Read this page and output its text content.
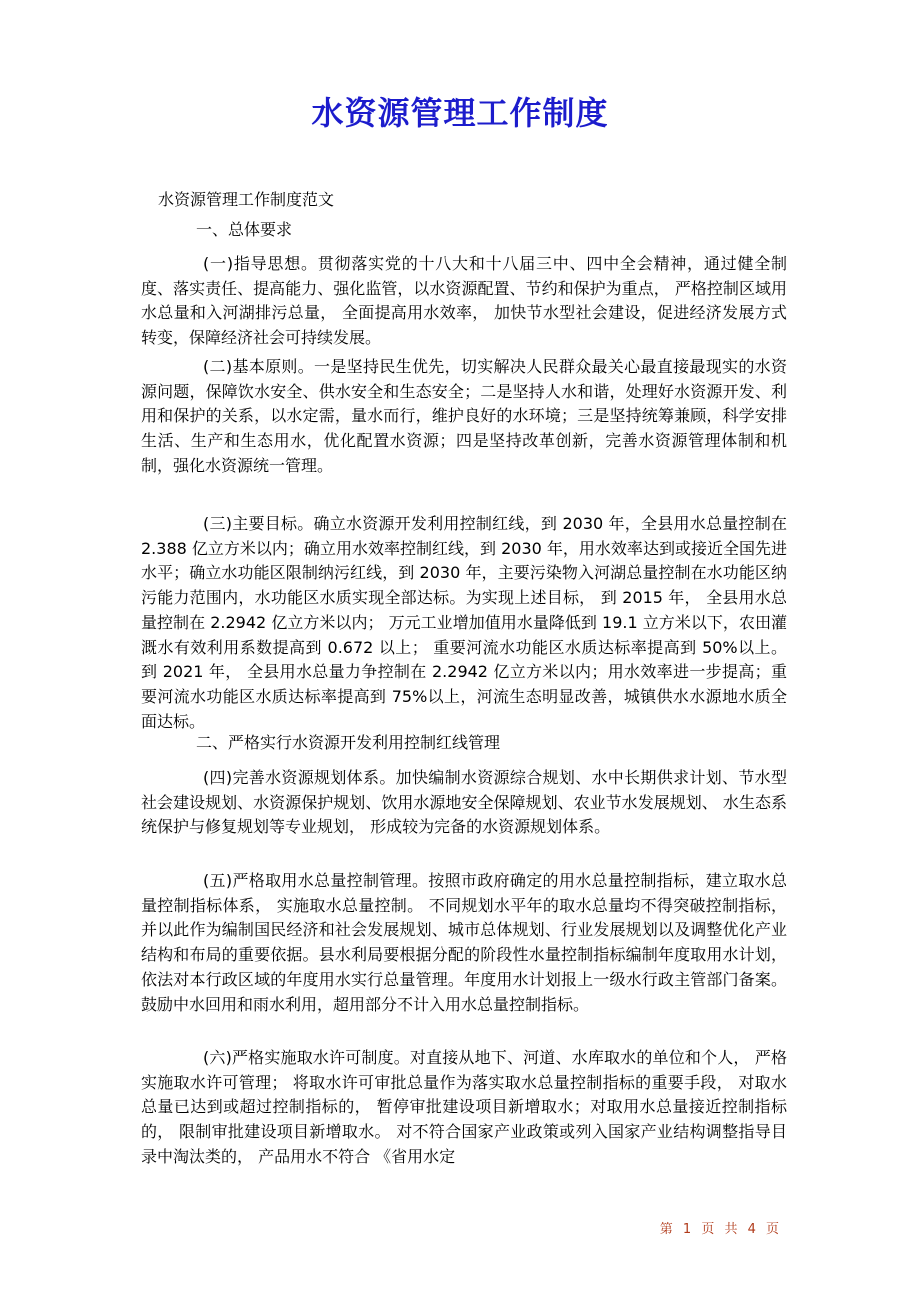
水资源管理工作制度
水资源管理工作制度范文
一、总体要求

(一)指导思想。贯彻落实党的十八大和十八届三中、四中全会精神，通过健全制度、落实责任、提高能力、强化监管，以水资源配置、节约和保护为重点， 严格控制区域用水总量和入河湖排污总量， 全面提高用水效率， 加快节水型社会建设，促进经济发展方式转变，保障经济社会可持续发展。

(二)基本原则。一是坚持民生优先，切实解决人民群众最关心最直接最现实的水资源问题，保障饮水安全、供水安全和生态安全；二是坚持人水和谐，处理好水资源开发、利用和保护的关系，以水定需，量水而行，维护良好的水环境；三是坚持统筹兼顾，科学安排生活、生产和生态用水，优化配置水资源；四是坚持改革创新，完善水资源管理体制和机制，强化水资源统一管理。

(三)主要目标。确立水资源开发利用控制红线，到 2030 年，全县用水总量控制在 2.388 亿立方米以内；确立用水效率控制红线，到 2030 年，用水效率达到或接近全国先进水平；确立水功能区限制纳污红线，到 2030 年，主要污染物入河湖总量控制在水功能区纳污能力范围内，水功能区水质实现全部达标。为实现上述目标， 到 2015 年， 全县用水总量控制在 2.2942 亿立方米以内； 万元工业增加值用水量降低到 19.1 立方米以下，农田灌溉水有效利用系数提高到 0.672 以上； 重要河流水功能区水质达标率提高到 50%以上。 到 2021 年， 全县用水总量力争控制在 2.2942 亿立方米以内；用水效率进一步提高；重要河流水功能区水质达标率提高到 75%以上，河流生态明显改善，城镇供水水源地水质全面达标。

二、严格实行水资源开发利用控制红线管理

(四)完善水资源规划体系。加快编制水资源综合规划、水中长期供求计划、节水型社会建设规划、水资源保护规划、饮用水源地安全保障规划、农业节水发展规划、 水生态系统保护与修复规划等专业规划， 形成较为完备的水资源规划体系。

(五)严格取用水总量控制管理。按照市政府确定的用水总量控制指标，建立取水总量控制指标体系， 实施取水总量控制。 不同规划水平年的取水总量均不得突破控制指标，并以此作为编制国民经济和社会发展规划、城市总体规划、行业发展规划以及调整优化产业结构和布局的重要依据。县水利局要根据分配的阶段性水量控制指标编制年度取用水计划， 依法对本行政区域的年度用水实行总量管理。年度用水计划报上一级水行政主管部门备案。鼓励中水回用和雨水利用，超用部分不计入用水总量控制指标。

(六)严格实施取水许可制度。对直接从地下、河道、水库取水的单位和个人， 严格实施取水许可管理； 将取水许可审批总量作为落实取水总量控制指标的重要手段， 对取水总量已达到或超过控制指标的， 暂停审批建设项目新增取水；对取用水总量接近控制指标的， 限制审批建设项目新增取水。 对不符合国家产业政策或列入国家产业结构调整指导目录中淘汰类的， 产品用水不符合 《省用水定

第 1 页 共 4 页
